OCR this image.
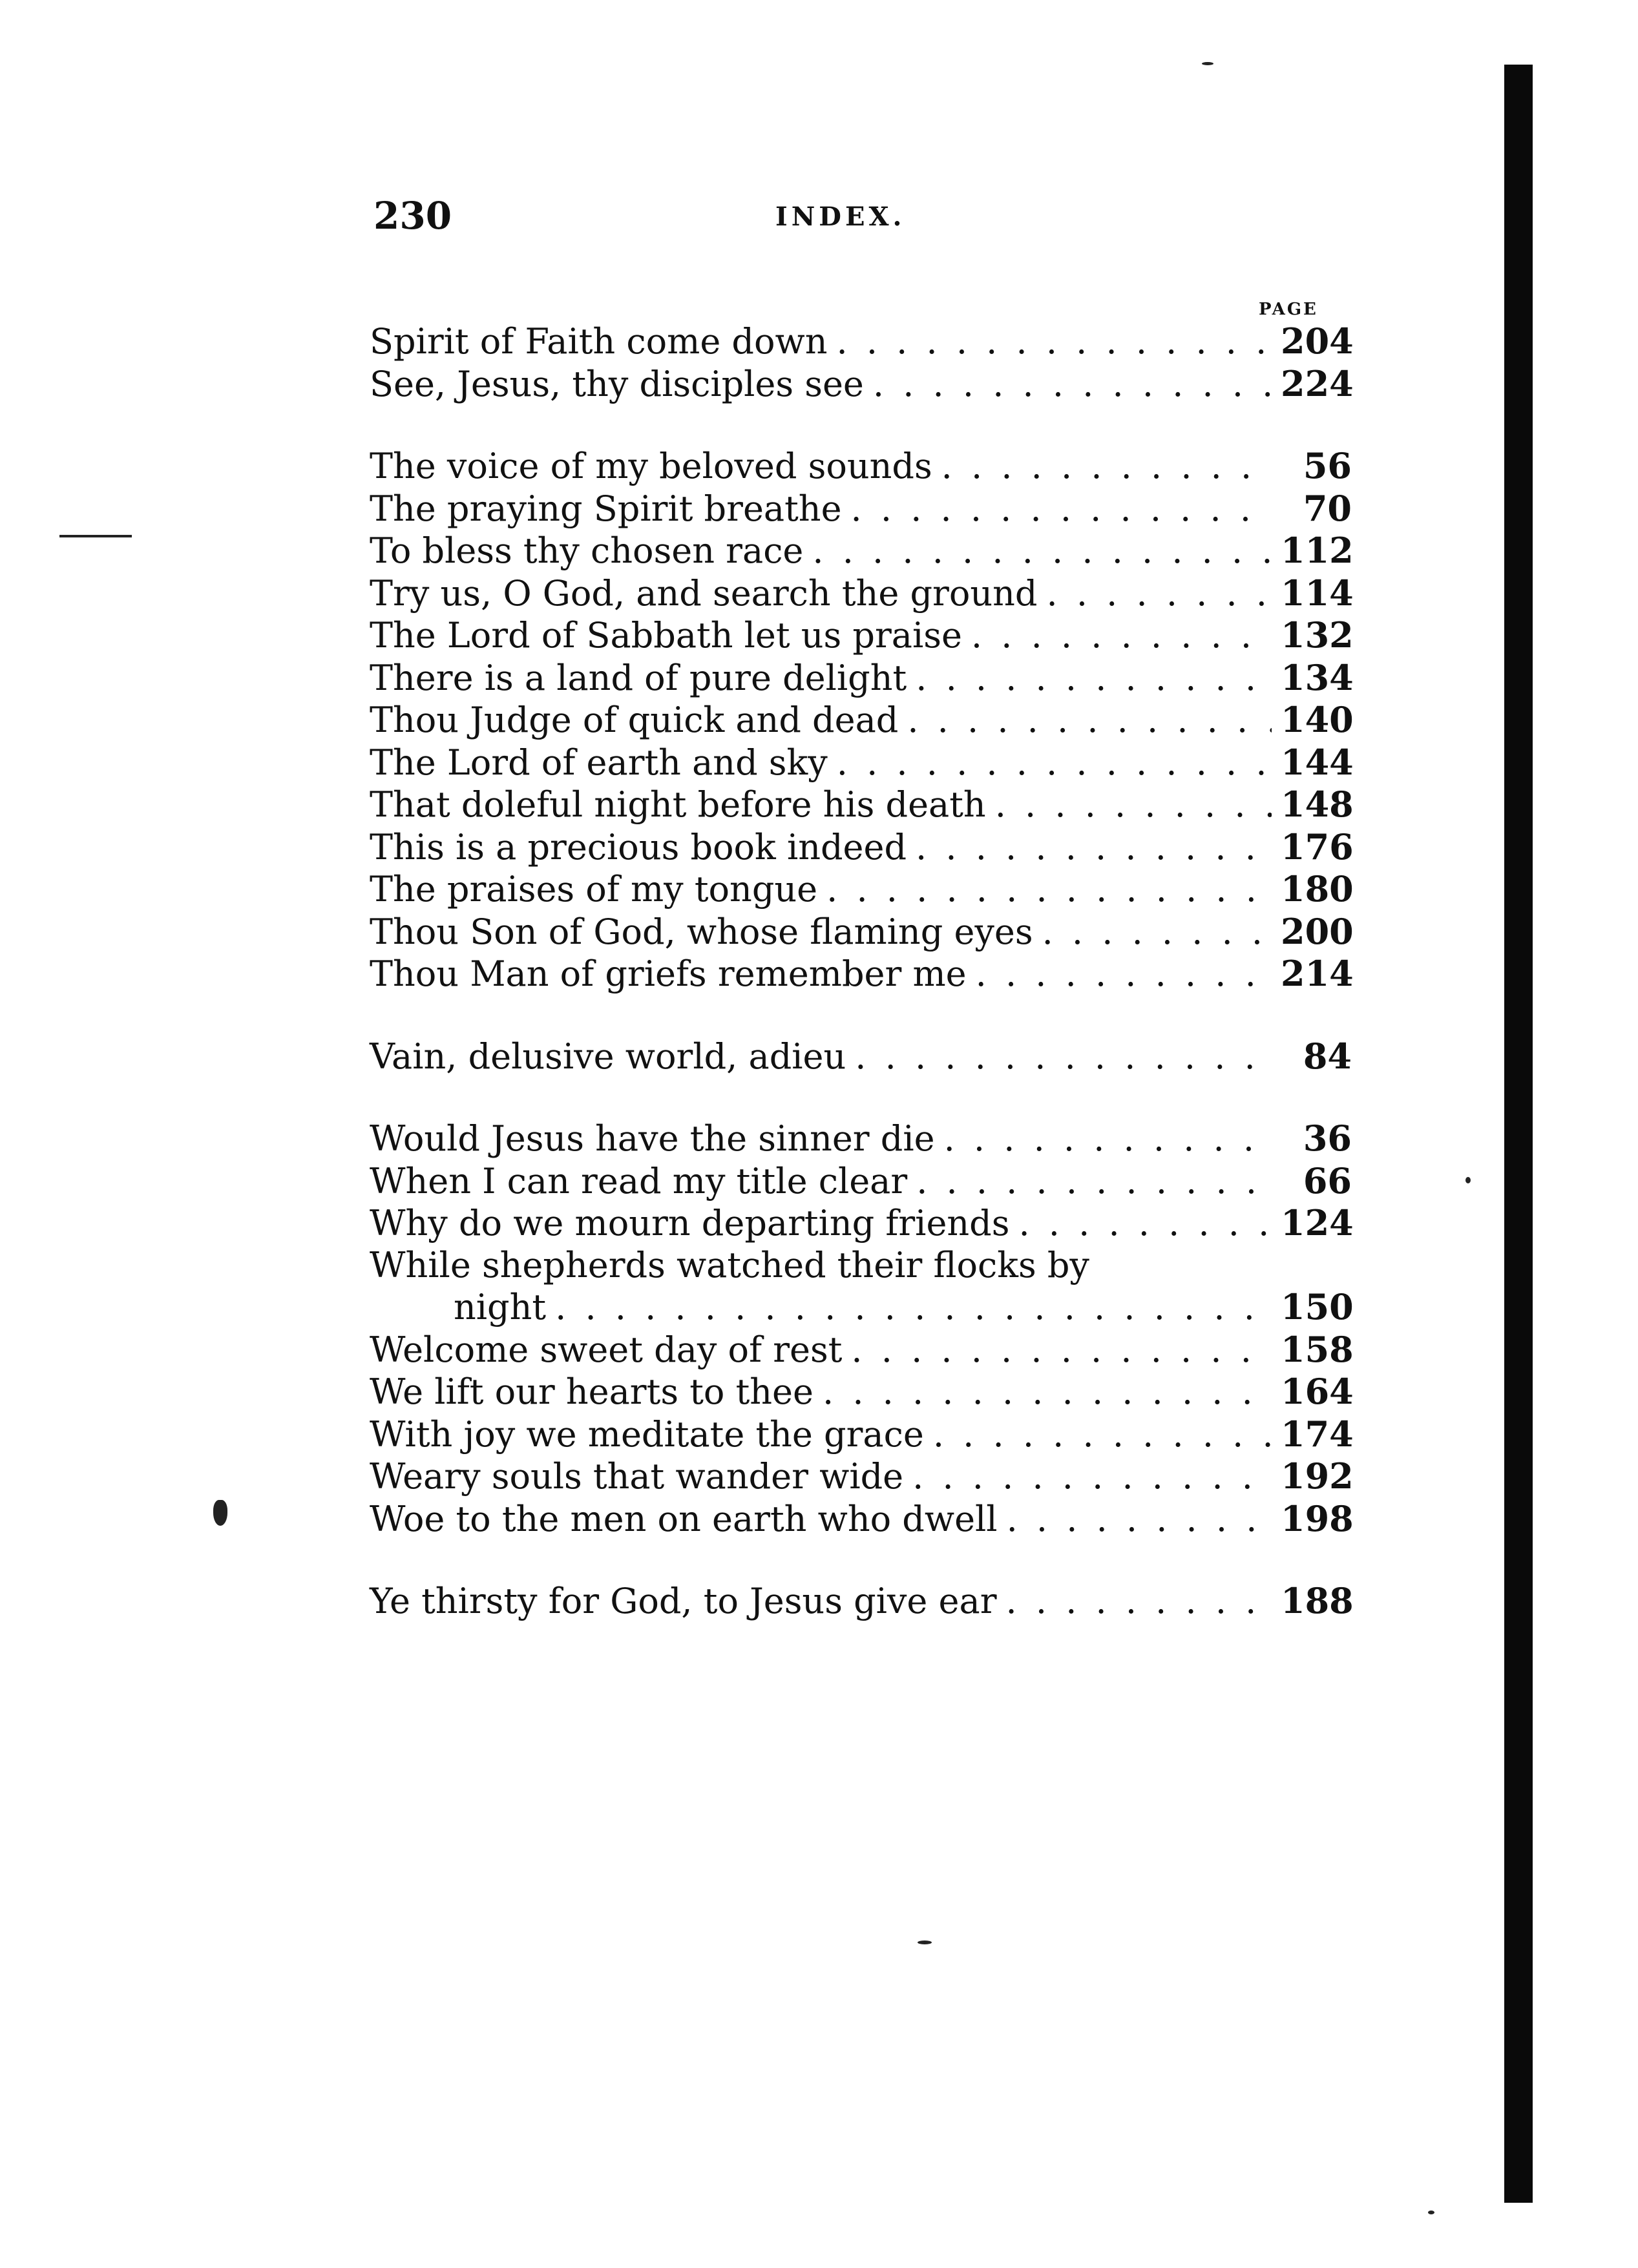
230	INDEX.
PAGE
Spirit of Faith come down . . .	204
See, Jesus, thy disciples see . . .	224
The voice of my beloved sounds . . .	56
The praying Spirit breathe . . .	70
To bless thy chosen race . . .	112
Try us, O God, and search the ground . . .	114
The Lord of Sabbath let us praise . . .	132
There is a land of pure delight . . .	134
Thou Judge of quick and dead . . .	140
The Lord of earth and sky . . .	144
That doleful night before his death . . .	148
This is a precious book indeed . . .	176
The praises of my tongue . . .	180
Thou Son of God, whose flaming eyes . . .	200
Thou Man of griefs remember me . . .	214
Vain, delusive world, adieu . . .	84
Would Jesus have the sinner die . . .	36
When I can read my title clear . . .	66
Why do we mourn departing friends . . .	124
While shepherds watched their flocks by
night . . .	150
Welcome sweet day of rest . . .	158
We lift our hearts to thee . . .	164
With joy we meditate the grace . . .	174
Weary souls that wander wide . . .	192
Woe to the men on earth who dwell . . .	198
Ye thirsty for God, to Jesus give ear . . .	188
